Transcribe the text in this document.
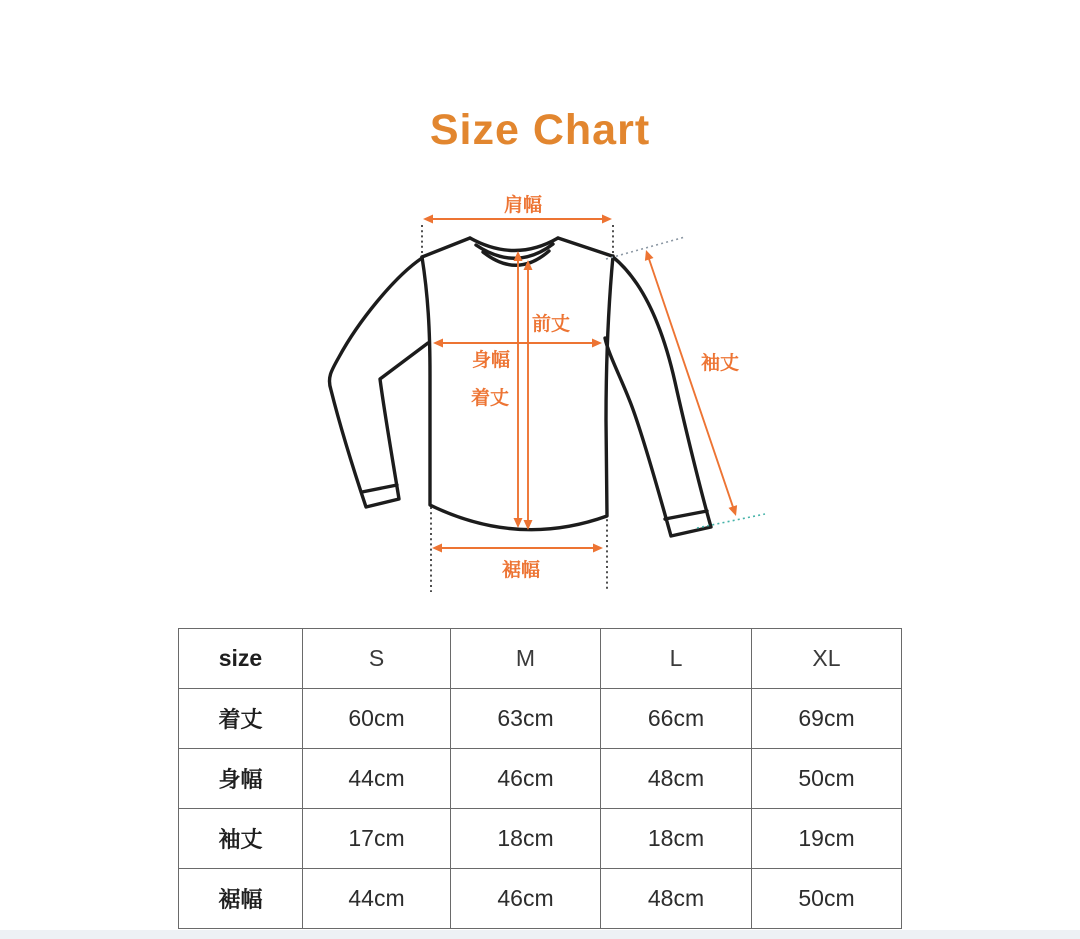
Size Chart
肩幅
前丈
身幅
着丈
袖丈
裾幅
size	S	M	L	XL
着丈	60cm	63cm	66cm	69cm
身幅	44cm	46cm	48cm	50cm
袖丈	17cm	18cm	18cm	19cm
裾幅	44cm	46cm	48cm	50cm
